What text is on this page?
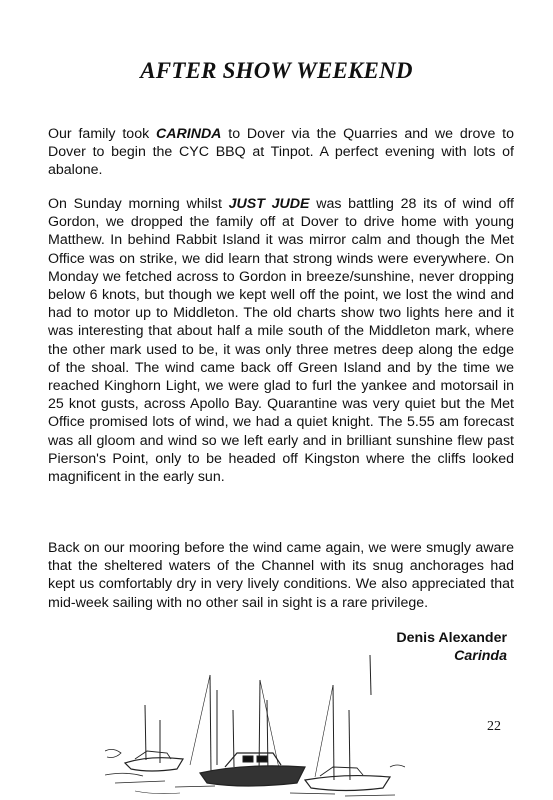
AFTER SHOW WEEKEND

Our family took CARINDA to Dover via the Quarries and we drove to Dover to begin the CYC BBQ at Tinpot. A perfect evening with lots of abalone.

On Sunday morning whilst JUST JUDE was battling 28 its of wind off Gordon, we dropped the family off at Dover to drive home with young Matthew. In behind Rabbit Island it was mirror calm and though the Met Office was on strike, we did learn that strong winds were everywhere. On Monday we fetched across to Gordon in breeze/sunshine, never dropping below 6 knots, but though we kept well off the point, we lost the wind and had to motor up to Middleton. The old charts show two lights here and it was interesting that about half a mile south of the Middleton mark, where the other mark used to be, it was only three metres deep along the edge of the shoal. The wind came back off Green Island and by the time we reached Kinghorn Light, we were glad to furl the yankee and motorsail in 25 knot gusts, across Apollo Bay. Quarantine was very quiet but the Met Office promised lots of wind, we had a quiet knight. The 5.55 am forecast was all gloom and wind so we left early and in brilliant sunshine flew past Pierson's Point, only to be headed off Kingston where the cliffs looked magnificent in the early sun.

Back on our mooring before the wind came again, we were smugly aware that the sheltered waters of the Channel with its snug anchorages had kept us comfortably dry in very lively conditions. We also appreciated that mid-week sailing with no other sail in sight is a rare privilege.

Denis Alexander
Carinda
22
